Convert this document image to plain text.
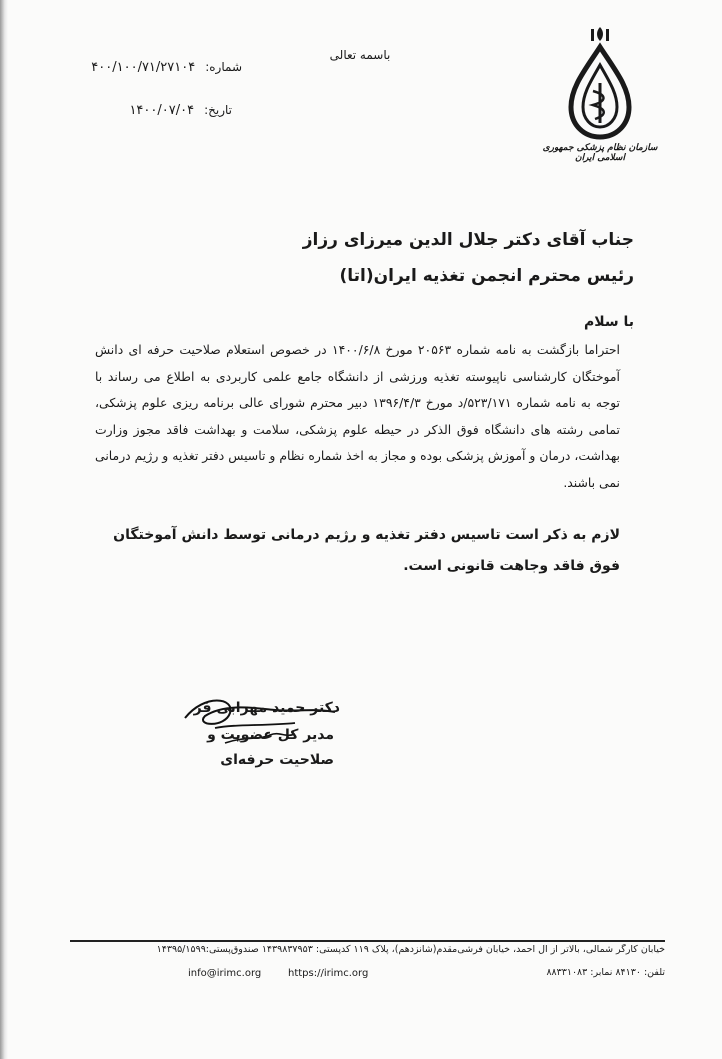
سازمان نظام پزشکی جمهوری اسلامی ایران
باسمه تعالی
شماره:۴۰۰/۱۰۰/۷۱/۲۷۱۰۴
تاریخ:۱۴۰۰/۰۷/۰۴
جناب آقای دکتر جلال الدین میرزای رزاز
رئیس محترم انجمن تغذیه ایران(اتا)
با سلام

احتراما بازگشت به نامه شماره ۲۰۵۶۳ مورخ ۱۴۰۰/۶/۸ در خصوص استعلام صلاحیت حرفه ای دانش آموختگان کارشناسی ناپیوسته تغذیه ورزشی از دانشگاه جامع علمی کاربردی به اطلاع می رساند با توجه به نامه شماره ۵۲۳/۱۷۱/د مورخ ۱۳۹۶/۴/۳ دبیر محترم شورای عالی برنامه ریزی علوم پزشکی، تمامی رشته های دانشگاه فوق الذکر در حیطه علوم پزشکی، سلامت و بهداشت فاقد مجوز وزارت بهداشت، درمان و آموزش پزشکی بوده و مجاز به اخذ شماره نظام و تاسیس دفتر تغذیه و رژیم درمانی نمی باشند.

لازم به ذکر است تاسیس دفتر تغذیه و رژیم درمانی توسط دانش آموختگان فوق فاقد وجاهت قانونی است.
دکتر حمید مهرابی فر
مدیر کل عضویت و
صلاحیت حرفه‌ای
خیابان کارگر شمالی، بالاتر از آل احمد، خیابان فرشی‌مقدم(شانزدهم)، پلاک ۱۱۹ کدپستی: ۱۴۳۹۸۳۷۹۵۳ صندوق‌پستی:۱۴۳۹۵/۱۵۹۹
تلفن: ۸۴۱۳۰ نمابر: ۸۸۳۳۱۰۸۳
https://irimc.org
info@irimc.org
